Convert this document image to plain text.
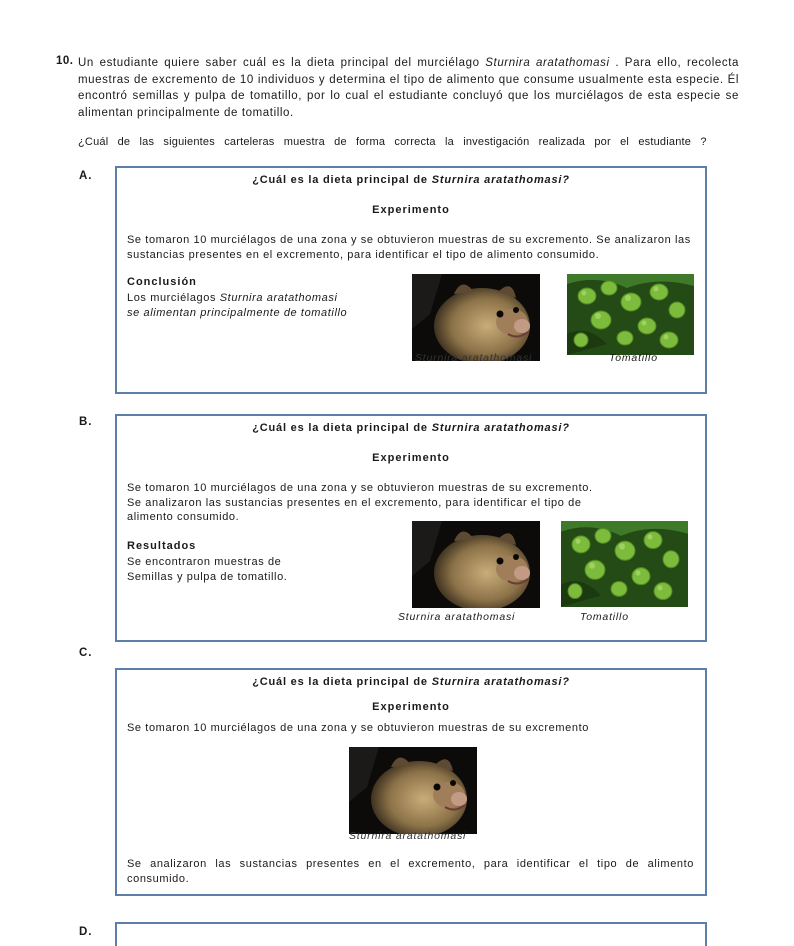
10. Un estudiante quiere saber cuál es la dieta principal del murciélago Sturnira aratathomasi . Para ello, recolecta muestras de excremento de 10 individuos y determina el tipo de alimento que consume usualmente esta especie. Él encontró semillas y pulpa de tomatillo, por lo cual el estudiante concluyó que los murciélagos de esta especie se alimentan principalmente de tomatillo.
¿Cuál de las siguientes carteleras muestra de forma correcta la investigación realizada por el estudiante ?
A.	¿Cuál es la dieta principal de Sturnira aratathomasi?
Experimento
Se tomaron 10 murciélagos de una zona y se obtuvieron muestras de su excremento. Se analizaron las sustancias presentes en el excremento, para identificar el tipo de alimento consumido.
Conclusión
Los murciélagos Sturnira aratathomasi
se alimentan principalmente de tomatillo
Sturnira aratathomasi	Tomatillo
B.	¿Cuál es la dieta principal de Sturnira aratathomasi?
Experimento
Se tomaron 10 murciélagos de una zona y se obtuvieron muestras de su excremento.
Se analizaron las sustancias presentes en el excremento, para identificar el tipo de
alimento consumido.
Resultados
Se encontraron muestras de
Semillas y pulpa de tomatillo.
Sturnira aratathomasi	Tomatillo
C.
¿Cuál es la dieta principal de Sturnira aratathomasi?
Experimento
Se tomaron 10 murciélagos de una zona y se obtuvieron muestras de su excremento
Sturnira aratathomasi
Se analizaron las sustancias presentes en el excremento, para identificar el tipo de alimento consumido.
D.
